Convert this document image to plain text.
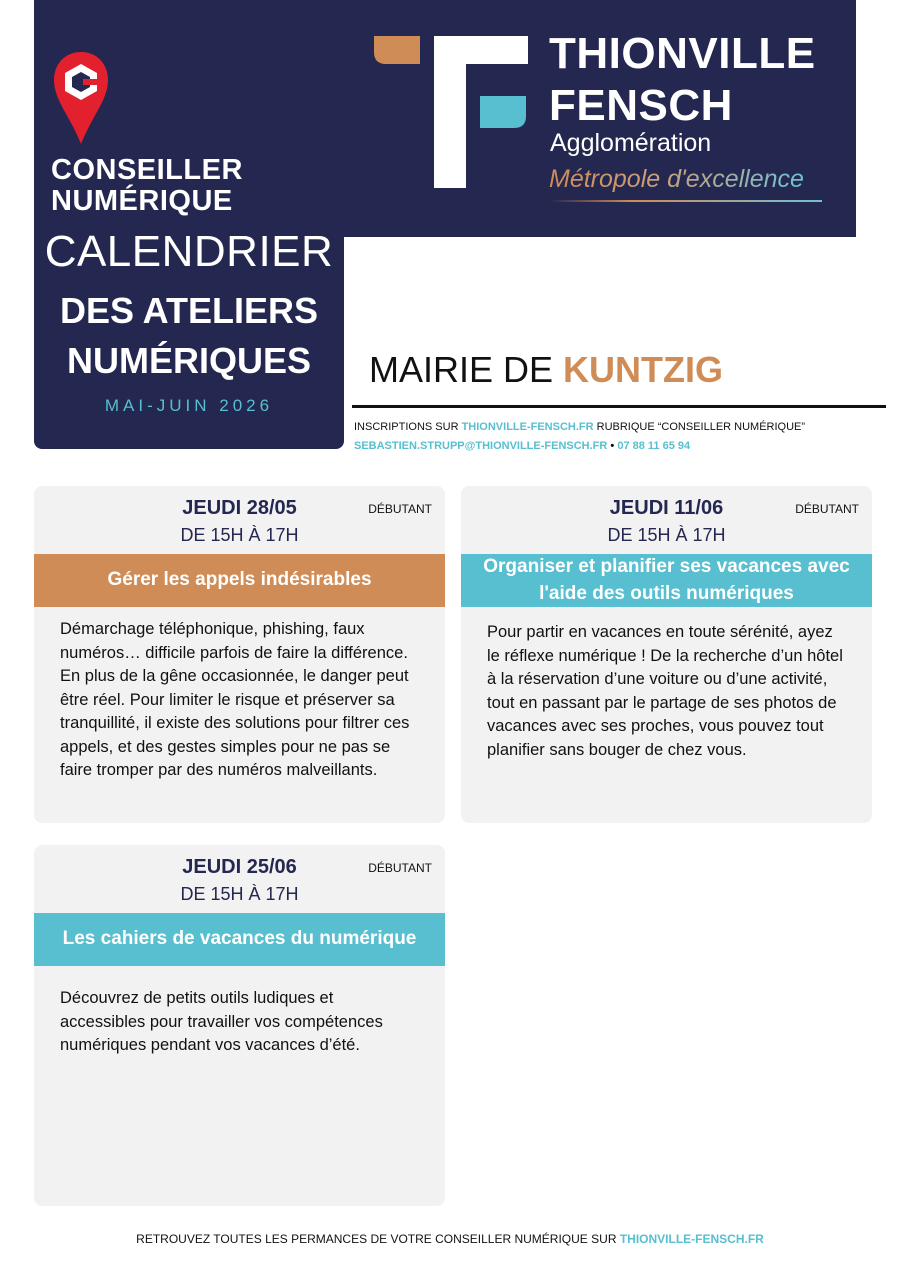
CONSEILLER
NUMÉRIQUE
CALENDRIER
DES ATELIERS
NUMÉRIQUES
MAI-JUIN 2026
THIONVILLE
FENSCH
Agglomération
Métropole d'excellence
MAIRIE DE KUNTZIG
INSCRIPTIONS SUR THIONVILLE-FENSCH.FR RUBRIQUE “CONSEILLER NUMÉRIQUE”
SEBASTIEN.STRUPP@THIONVILLE-FENSCH.FR • 07 88 11 65 94
JEUDI 28/05
DE 15H À 17H
DÉBUTANT
Gérer les appels indésirables
Démarchage téléphonique, phishing, faux numéros… difficile parfois de faire la différence. En plus de la gêne occasionnée, le danger peut être réel. Pour limiter le risque et préserver sa tranquillité, il existe des solutions pour filtrer ces appels, et des gestes simples pour ne pas se faire tromper par des numéros malveillants.
JEUDI 11/06
DE 15H À 17H
DÉBUTANT
Organiser et planifier ses vacances avec l'aide des outils numériques
Pour partir en vacances en toute sérénité, ayez le réflexe numérique ! De la recherche d’un hôtel à la réservation d’une voiture ou d’une activité, tout en passant par le partage de ses photos de vacances avec ses proches, vous pouvez tout planifier sans bouger de chez vous.
JEUDI 25/06
DE 15H À 17H
DÉBUTANT
Les cahiers de vacances du numérique
Découvrez de petits outils ludiques et accessibles pour travailler vos compétences numériques pendant vos vacances d’été.
RETROUVEZ TOUTES LES PERMANCES DE VOTRE CONSEILLER NUMÉRIQUE SUR THIONVILLE-FENSCH.FR
